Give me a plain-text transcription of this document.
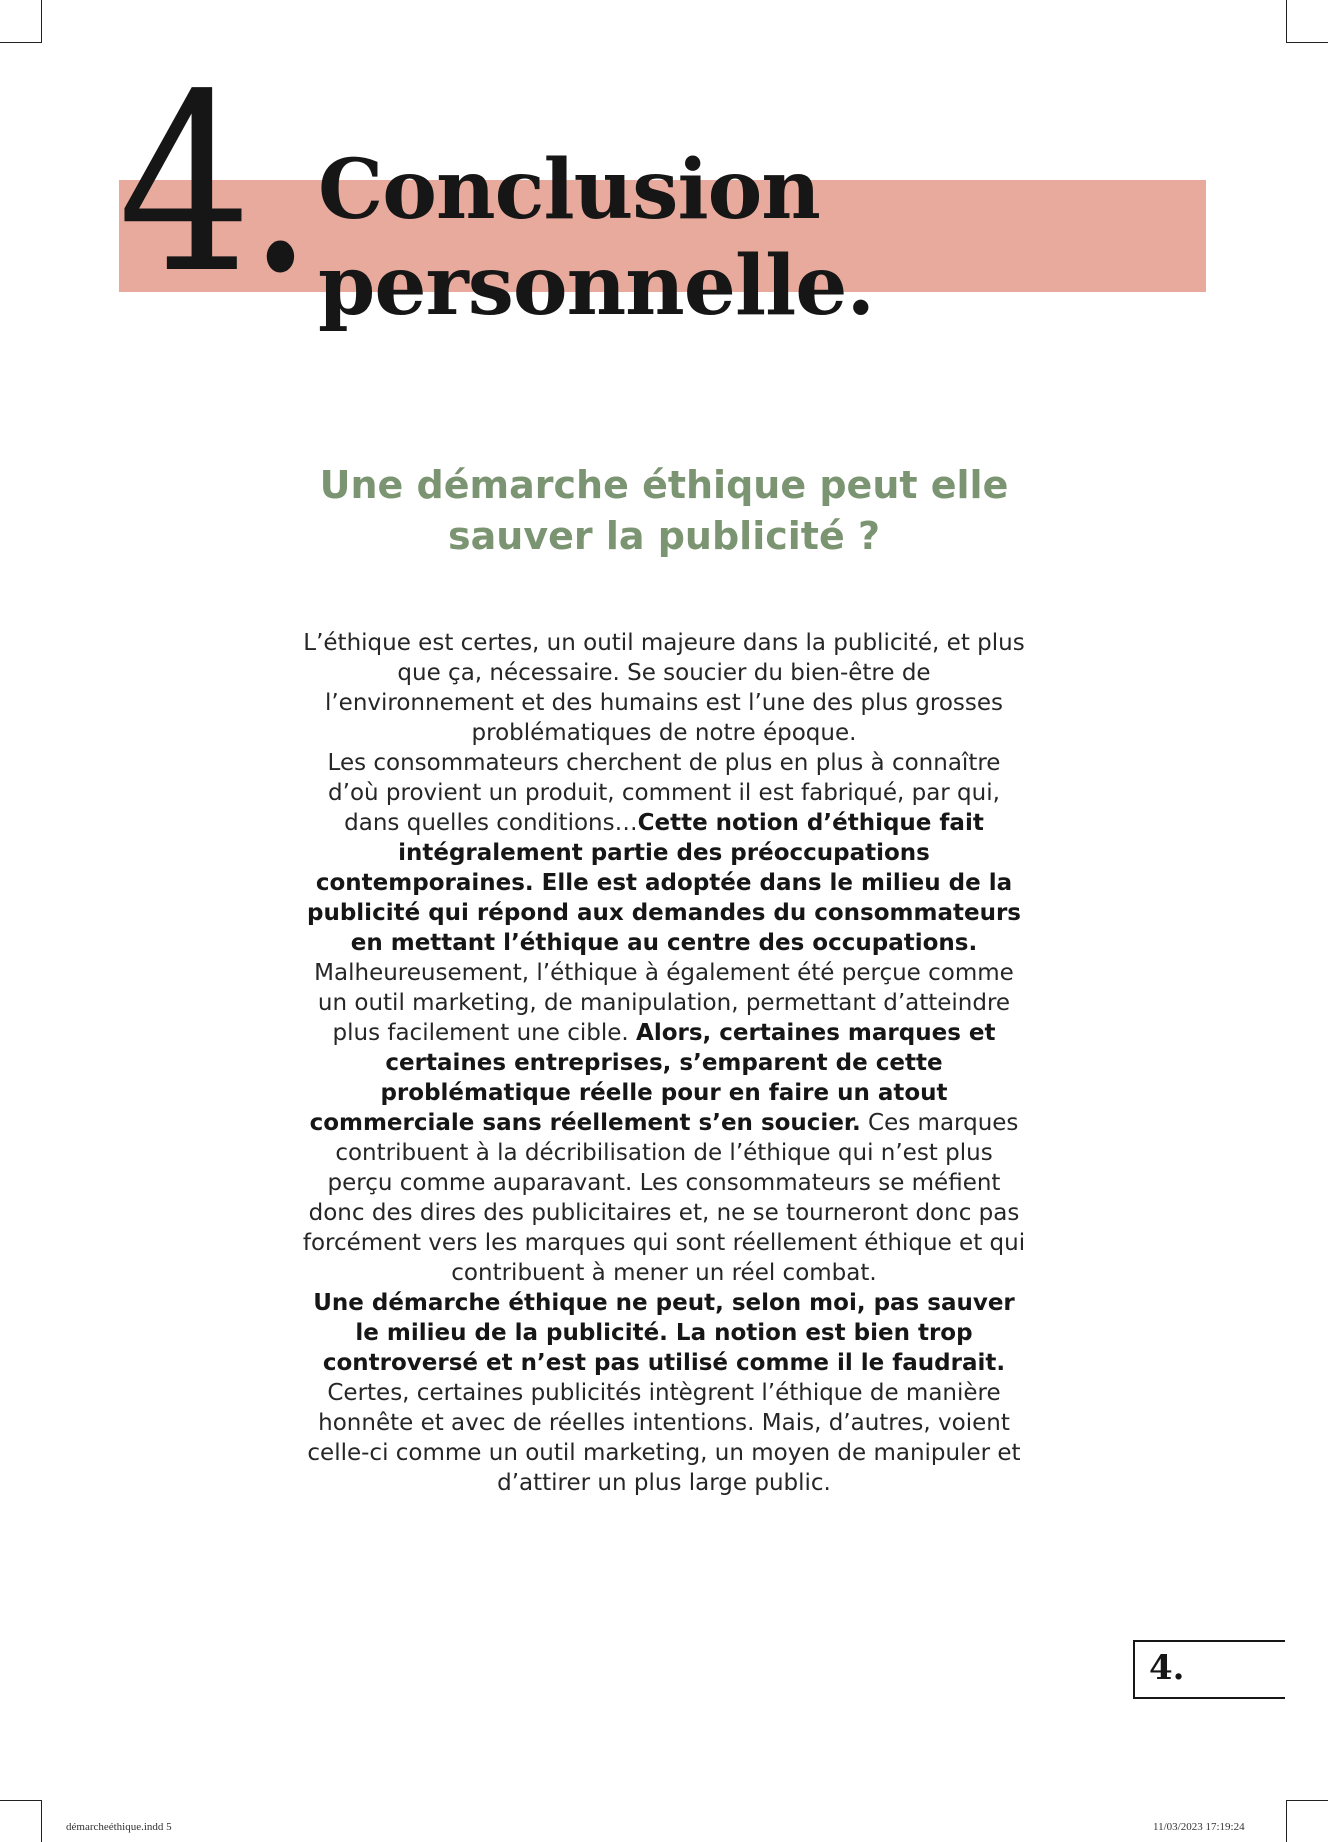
4. Conclusion
personnelle.
Une démarche éthique peut elle
sauver la publicité ?

L’éthique est certes, un outil majeure dans la publicité, et plus que ça, nécessaire. Se soucier du bien-être de l’environnement et des humains est l’une des plus grosses problématiques de notre époque.

Les consommateurs cherchent de plus en plus à connaître d’où provient un produit, comment il est fabriqué, par qui, dans quelles conditions…Cette notion d’éthique fait intégralement partie des préoccupations contemporaines. Elle est adoptée dans le milieu de la publicité qui répond aux demandes du consommateurs en mettant l’éthique au centre des occupations.

Malheureusement, l’éthique à également été perçue comme un outil marketing, de manipulation, permettant d’atteindre plus facilement une cible. Alors, certaines marques et certaines entreprises, s’emparent de cette problématique réelle pour en faire un atout commerciale sans réellement s’en soucier. Ces marques contribuent à la décribilisation de l’éthique qui n’est plus perçu comme auparavant. Les consommateurs se méfient donc des dires des publicitaires et, ne se tourneront donc pas forcément vers les marques qui sont réellement éthique et qui contribuent à mener un réel combat.

Une démarche éthique ne peut, selon moi, pas sauver le milieu de la publicité. La notion est bien trop controversé et n’est pas utilisé comme il le faudrait. Certes, certaines publicités intègrent l’éthique de manière honnête et avec de réelles intentions. Mais, d’autres, voient celle-ci comme un outil marketing, un moyen de manipuler et d’attirer un plus large public.

4.
démarcheéthique.indd 5	11/03/2023 17:19:24
